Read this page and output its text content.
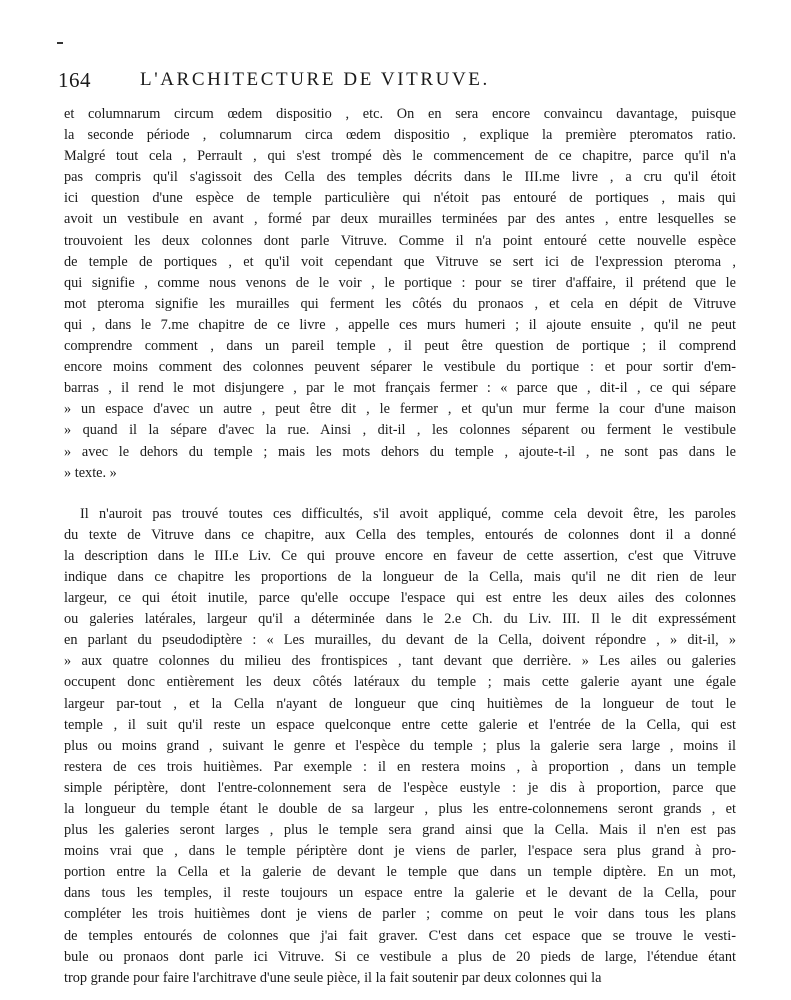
164	L'ARCHITECTURE DE VITRUVE.
et columnarum circum œdem dispositio , etc. On en sera encore convaincu davantage, puisque
la seconde période , columnarum circa œdem dispositio , explique la première pteromatos ratio.
Malgré tout cela , Perrault , qui s'est trompé dès le commencement de ce chapitre, parce qu'il n'a
pas compris qu'il s'agissoit des Cella des temples décrits dans le III.me livre , a cru qu'il étoit
ici question d'une espèce de temple particulière qui n'étoit pas entouré de portiques , mais qui
avoit un vestibule en avant , formé par deux murailles terminées par des antes , entre lesquelles se
trouvoient les deux colonnes dont parle Vitruve. Comme il n'a point entouré cette nouvelle espèce
de temple de portiques , et qu'il voit cependant que Vitruve se sert ici de l'expression pteroma ,
qui signifie , comme nous venons de le voir , le portique : pour se tirer d'affaire, il prétend que le
mot pteroma signifie les murailles qui ferment les côtés du pronaos , et cela en dépit de Vitruve
qui , dans le 7.me chapitre de ce livre , appelle ces murs humeri ; il ajoute ensuite , qu'il ne peut
comprendre comment , dans un pareil temple , il peut être question de portique ; il comprend
encore moins comment des colonnes peuvent séparer le vestibule du portique : et pour sortir d'em-
barras , il rend le mot disjungere , par le mot français fermer : « parce que , dit-il , ce qui sépare
» un espace d'avec un autre , peut être dit , le fermer , et qu'un mur ferme la cour d'une maison
» quand il la sépare d'avec la rue. Ainsi , dit-il , les colonnes séparent ou ferment le vestibule
» avec le dehors du temple ; mais les mots dehors du temple , ajoute-t-il , ne sont pas dans le
» texte. »
Il n'auroit pas trouvé toutes ces difficultés, s'il avoit appliqué, comme cela devoit être, les paroles
du texte de Vitruve dans ce chapitre, aux Cella des temples, entourés de colonnes dont il a donné
la description dans le III.e Liv. Ce qui prouve encore en faveur de cette assertion, c'est que Vitruve
indique dans ce chapitre les proportions de la longueur de la Cella, mais qu'il ne dit rien de leur
largeur, ce qui étoit inutile, parce qu'elle occupe l'espace qui est entre les deux ailes des colonnes
ou galeries latérales, largeur qu'il a déterminée dans le 2.e Ch. du Liv. III. Il le dit expressément
en parlant du pseudodiptère : « Les murailles, du devant de la Cella, doivent répondre , » dit-il, »
» aux quatre colonnes du milieu des frontispices , tant devant que derrière. » Les ailes ou galeries
occupent donc entièrement les deux côtés latéraux du temple ; mais cette galerie ayant une égale
largeur par-tout , et la Cella n'ayant de longueur que cinq huitièmes de la longueur de tout le
temple , il suit qu'il reste un espace quelconque entre cette galerie et l'entrée de la Cella, qui est
plus ou moins grand , suivant le genre et l'espèce du temple ; plus la galerie sera large , moins il
restera de ces trois huitièmes. Par exemple : il en restera moins , à proportion , dans un temple
simple périptère, dont l'entre-colonnement sera de l'espèce eustyle : je dis à proportion, parce que
la longueur du temple étant le double de sa largeur , plus les entre-colonnemens seront grands , et
plus les galeries seront larges , plus le temple sera grand ainsi que la Cella. Mais il n'en est pas
moins vrai que , dans le temple périptère dont je viens de parler, l'espace sera plus grand à pro-
portion entre la Cella et la galerie de devant le temple que dans un temple diptère. En un mot,
dans tous les temples, il reste toujours un espace entre la galerie et le devant de la Cella, pour
compléter les trois huitièmes dont je viens de parler ; comme on peut le voir dans tous les plans
de temples entourés de colonnes que j'ai fait graver. C'est dans cet espace que se trouve le vesti-
bule ou pronaos dont parle ici Vitruve. Si ce vestibule a plus de 20 pieds de large, l'étendue étant
trop grande pour faire l'architrave d'une seule pièce, il la fait soutenir par deux colonnes qui la
